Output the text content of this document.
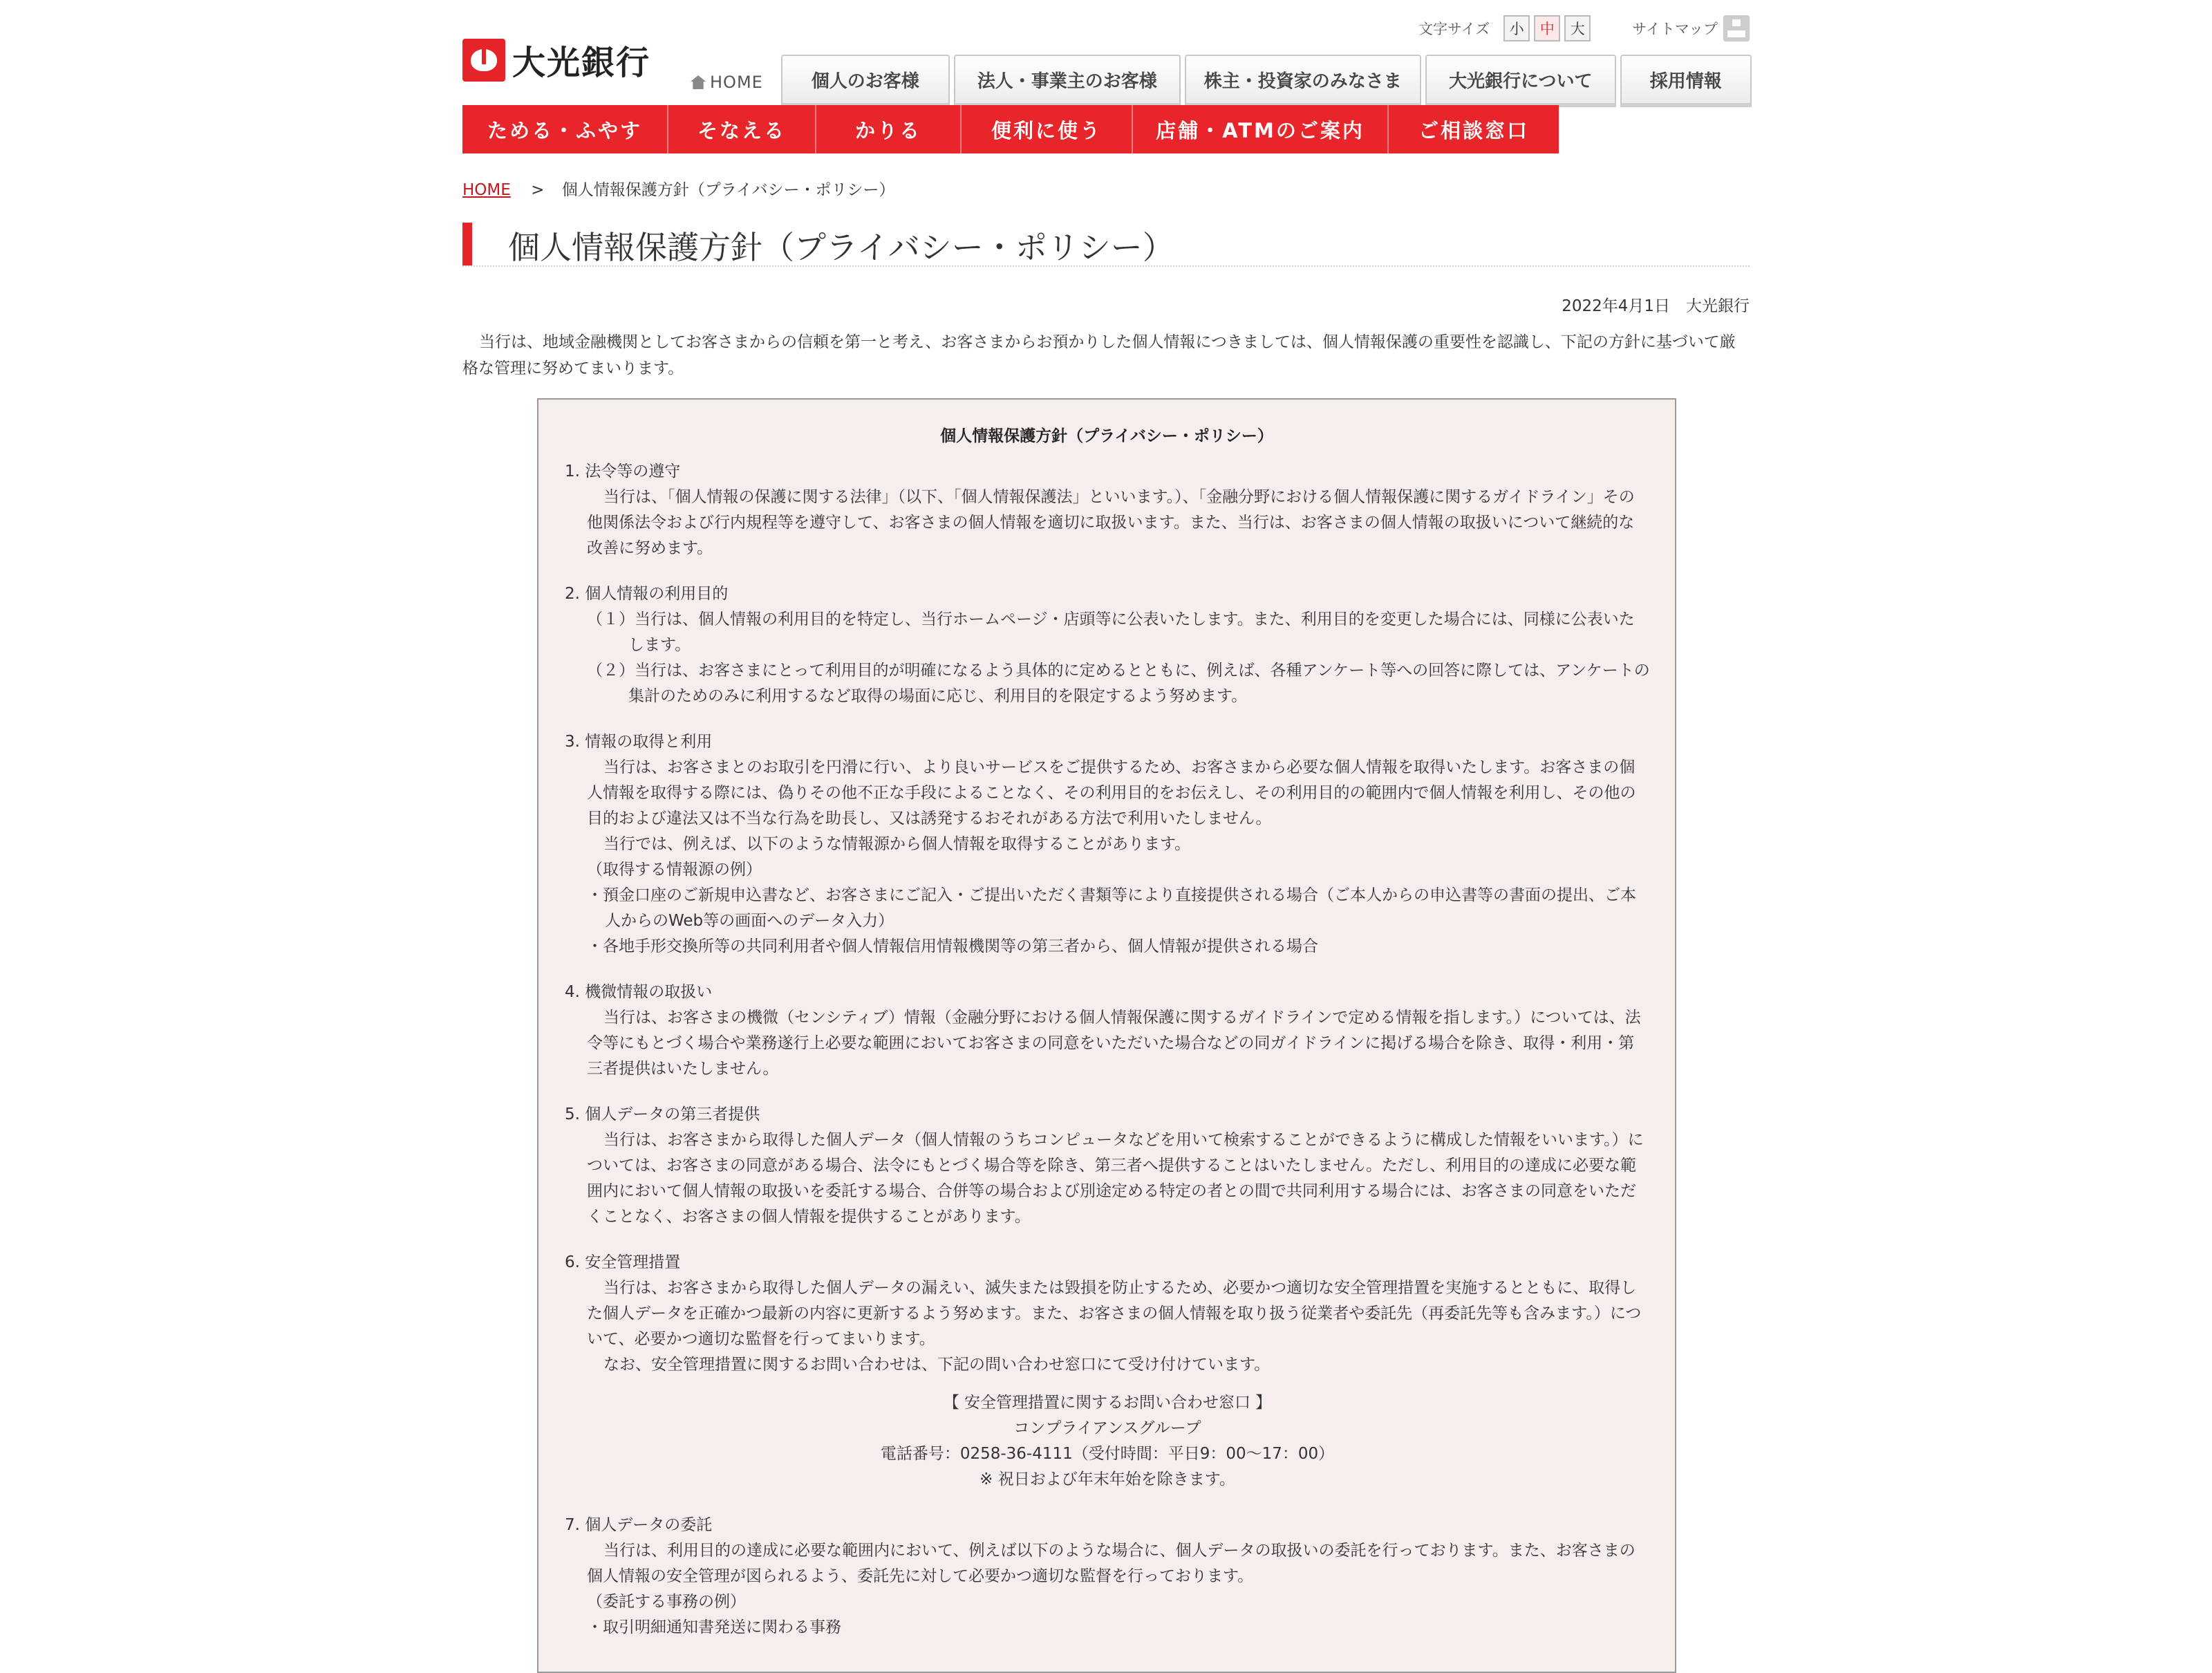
大光銀行
文字サイズ	小	中	大	サイトマップ
HOME	個人のお客様	法人・事業主のお客様	株主・投資家のみなさま	大光銀行について	採用情報
ためる・ふやす	そなえる	かりる	便利に使う	店舗・ATMのご案内	ご相談窓口
HOME > 個人情報保護方針（プライバシー・ポリシー）
個人情報保護方針（プライバシー・ポリシー）
2022年4月1日　大光銀行
当行は、地域金融機関としてお客さまからの信頼を第一と考え、お客さまからお預かりした個人情報につきましては、個人情報保護の重要性を認識し、下記の方針に基づいて厳格な管理に努めてまいります。
個人情報保護方針（プライバシー・ポリシー）
1. 法令等の遵守
当行は、「個人情報の保護に関する法律」（以下、「個人情報保護法」といいます。）、「金融分野における個人情報保護に関するガイドライン」その他関係法令および行内規程等を遵守して、お客さまの個人情報を適切に取扱います。また、当行は、お客さまの個人情報の取扱いについて継続的な改善に努めます。
2. 個人情報の利用目的
（１）当行は、個人情報の利用目的を特定し、当行ホームページ・店頭等に公表いたします。また、利用目的を変更した場合には、同様に公表いたします。
（２）当行は、お客さまにとって利用目的が明確になるよう具体的に定めるとともに、例えば、各種アンケート等への回答に際しては、アンケートの集計のためのみに利用するなど取得の場面に応じ、利用目的を限定するよう努めます。
3. 情報の取得と利用
当行は、お客さまとのお取引を円滑に行い、より良いサービスをご提供するため、お客さまから必要な個人情報を取得いたします。お客さまの個人情報を取得する際には、偽りその他不正な手段によることなく、その利用目的をお伝えし、その利用目的の範囲内で個人情報を利用し、その他の目的および違法又は不当な行為を助長し、又は誘発するおそれがある方法で利用いたしません。
当行では、例えば、以下のような情報源から個人情報を取得することがあります。
（取得する情報源の例）
・預金口座のご新規申込書など、お客さまにご記入・ご提出いただく書類等により直接提供される場合（ご本人からの申込書等の書面の提出、ご本人からのWeb等の画面へのデータ入力）
・各地手形交換所等の共同利用者や個人情報信用情報機関等の第三者から、個人情報が提供される場合
4. 機微情報の取扱い
当行は、お客さまの機微（センシティブ）情報（金融分野における個人情報保護に関するガイドラインで定める情報を指します。）については、法令等にもとづく場合や業務遂行上必要な範囲においてお客さまの同意をいただいた場合などの同ガイドラインに掲げる場合を除き、取得・利用・第三者提供はいたしません。
5. 個人データの第三者提供
当行は、お客さまから取得した個人データ（個人情報のうちコンピュータなどを用いて検索することができるように構成した情報をいいます。）については、お客さまの同意がある場合、法令にもとづく場合等を除き、第三者へ提供することはいたしません。ただし、利用目的の達成に必要な範囲内において個人情報の取扱いを委託する場合、合併等の場合および別途定める特定の者との間で共同利用する場合には、お客さまの同意をいただくことなく、お客さまの個人情報を提供することがあります。
6. 安全管理措置
当行は、お客さまから取得した個人データの漏えい、滅失または毀損を防止するため、必要かつ適切な安全管理措置を実施するとともに、取得した個人データを正確かつ最新の内容に更新するよう努めます。また、お客さまの個人情報を取り扱う従業者や委託先（再委託先等も含みます。）について、必要かつ適切な監督を行ってまいります。
なお、安全管理措置に関するお問い合わせは、下記の問い合わせ窓口にて受け付けています。
【 安全管理措置に関するお問い合わせ窓口 】
コンプライアンスグループ
電話番号：0258-36-4111（受付時間：平日9：00〜17：00）
※ 祝日および年末年始を除きます。
7. 個人データの委託
当行は、利用目的の達成に必要な範囲内において、例えば以下のような場合に、個人データの取扱いの委託を行っております。また、お客さまの個人情報の安全管理が図られるよう、委託先に対して必要かつ適切な監督を行っております。
（委託する事務の例）
・取引明細通知書発送に関わる事務
